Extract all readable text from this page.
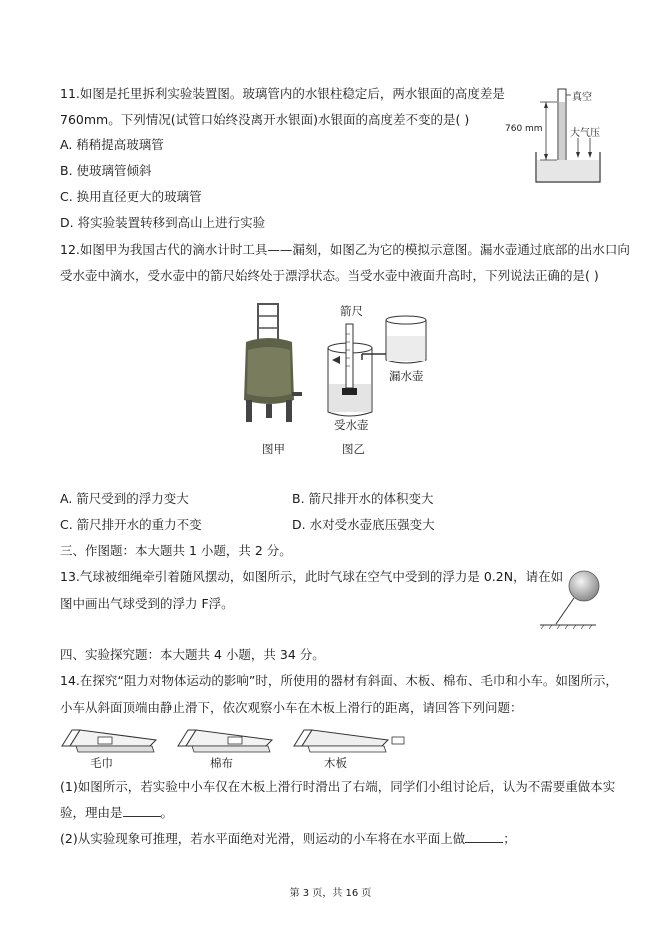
11.如图是托里拆利实验装置图。玻璃管内的水银柱稳定后，两水银面的高度差是
760mm。下列情况(试管口始终没离开水银面)水银面的高度差不变的是( )
A. 稍稍提高玻璃管
B. 使玻璃管倾斜
C. 换用直径更大的玻璃管
D. 将实验装置转移到高山上进行实验
真空
760 mm	大气压
12.如图甲为我国古代的滴水计时工具——漏刻，如图乙为它的模拟示意图。漏水壶通过底部的出水口向
受水壶中滴水，受水壶中的箭尺始终处于漂浮状态。当受水壶中液面升高时，下列说法正确的是( )
箭尺
漏水壶
受水壶
图甲	图乙
A. 箭尺受到的浮力变大	B. 箭尺排开水的体积变大
C. 箭尺排开水的重力不变	D. 水对受水壶底压强变大
三、作图题：本大题共 1 小题，共 2 分。
13.气球被细绳牵引着随风摆动，如图所示，此时气球在空气中受到的浮力是 0.2N，请在如
图中画出气球受到的浮力 F浮。
四、实验探究题：本大题共 4 小题，共 34 分。
14.在探究“阻力对物体运动的影响”时，所使用的器材有斜面、木板、棉布、毛巾和小车。如图所示，
小车从斜面顶端由静止滑下，依次观察小车在木板上滑行的距离，请回答下列问题：
毛巾	棉布	木板
(1)如图所示，若实验中小车仅在木板上滑行时滑出了右端，同学们小组讨论后，认为不需要重做本实
验，理由是	。
(2)从实验现象可推理，若水平面绝对光滑，则运动的小车将在水平面上做	；
第 3 页，共 16 页
